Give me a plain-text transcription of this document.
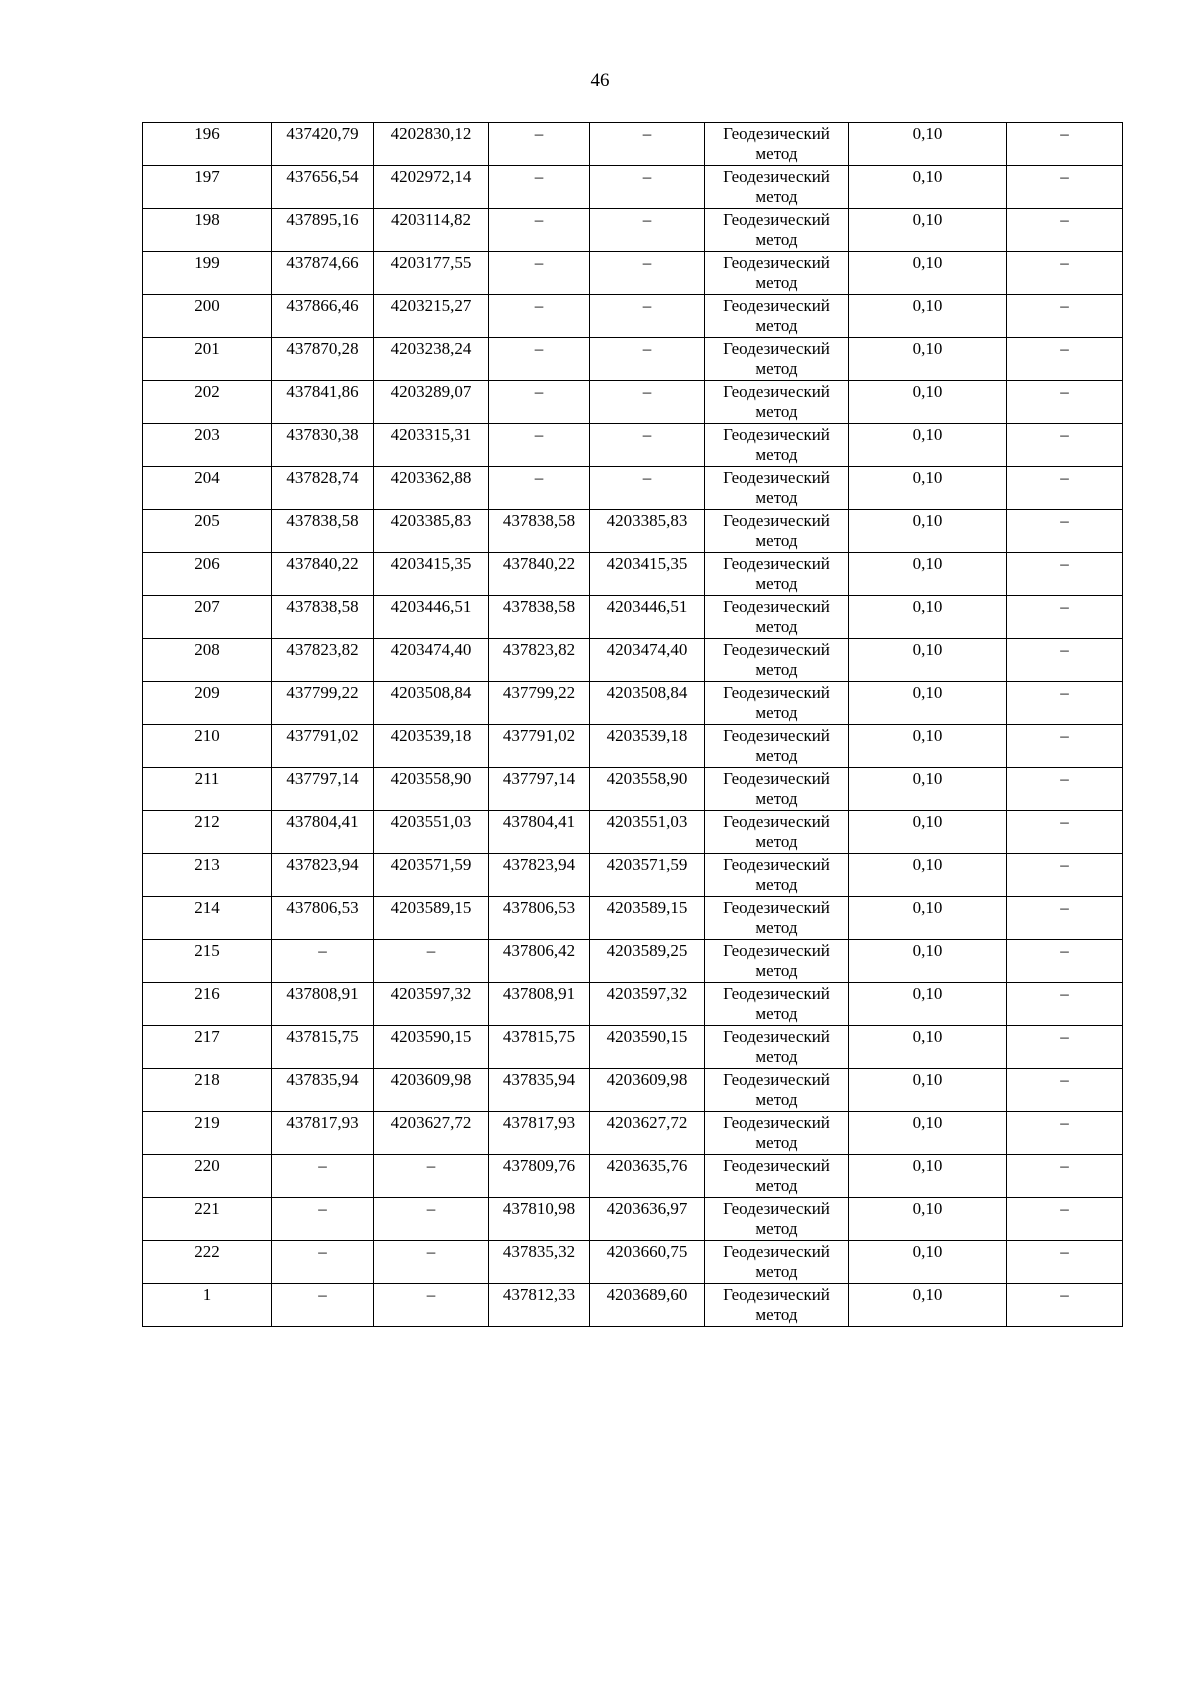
46
196	437420,79	4202830,12	–	–	Геодезический метод	0,10	–

197	437656,54	4202972,14	–	–	Геодезический метод	0,10	–

198	437895,16	4203114,82	–	–	Геодезический метод	0,10	–

199	437874,66	4203177,55	–	–	Геодезический метод	0,10	–

200	437866,46	4203215,27	–	–	Геодезический метод	0,10	–

201	437870,28	4203238,24	–	–	Геодезический метод	0,10	–

202	437841,86	4203289,07	–	–	Геодезический метод	0,10	–

203	437830,38	4203315,31	–	–	Геодезический метод	0,10	–

204	437828,74	4203362,88	–	–	Геодезический метод	0,10	–

205	437838,58	4203385,83	437838,58	4203385,83	Геодезический метод	0,10	–

206	437840,22	4203415,35	437840,22	4203415,35	Геодезический метод	0,10	–

207	437838,58	4203446,51	437838,58	4203446,51	Геодезический метод	0,10	–

208	437823,82	4203474,40	437823,82	4203474,40	Геодезический метод	0,10	–

209	437799,22	4203508,84	437799,22	4203508,84	Геодезический метод	0,10	–

210	437791,02	4203539,18	437791,02	4203539,18	Геодезический метод	0,10	–

211	437797,14	4203558,90	437797,14	4203558,90	Геодезический метод	0,10	–

212	437804,41	4203551,03	437804,41	4203551,03	Геодезический метод	0,10	–

213	437823,94	4203571,59	437823,94	4203571,59	Геодезический метод	0,10	–

214	437806,53	4203589,15	437806,53	4203589,15	Геодезический метод	0,10	–

215	–	–	437806,42	4203589,25	Геодезический метод	0,10	–

216	437808,91	4203597,32	437808,91	4203597,32	Геодезический метод	0,10	–

217	437815,75	4203590,15	437815,75	4203590,15	Геодезический метод	0,10	–

218	437835,94	4203609,98	437835,94	4203609,98	Геодезический метод	0,10	–

219	437817,93	4203627,72	437817,93	4203627,72	Геодезический метод	0,10	–

220	–	–	437809,76	4203635,76	Геодезический метод	0,10	–

221	–	–	437810,98	4203636,97	Геодезический метод	0,10	–

222	–	–	437835,32	4203660,75	Геодезический метод	0,10	–

1	–	–	437812,33	4203689,60	Геодезический метод	0,10	–
